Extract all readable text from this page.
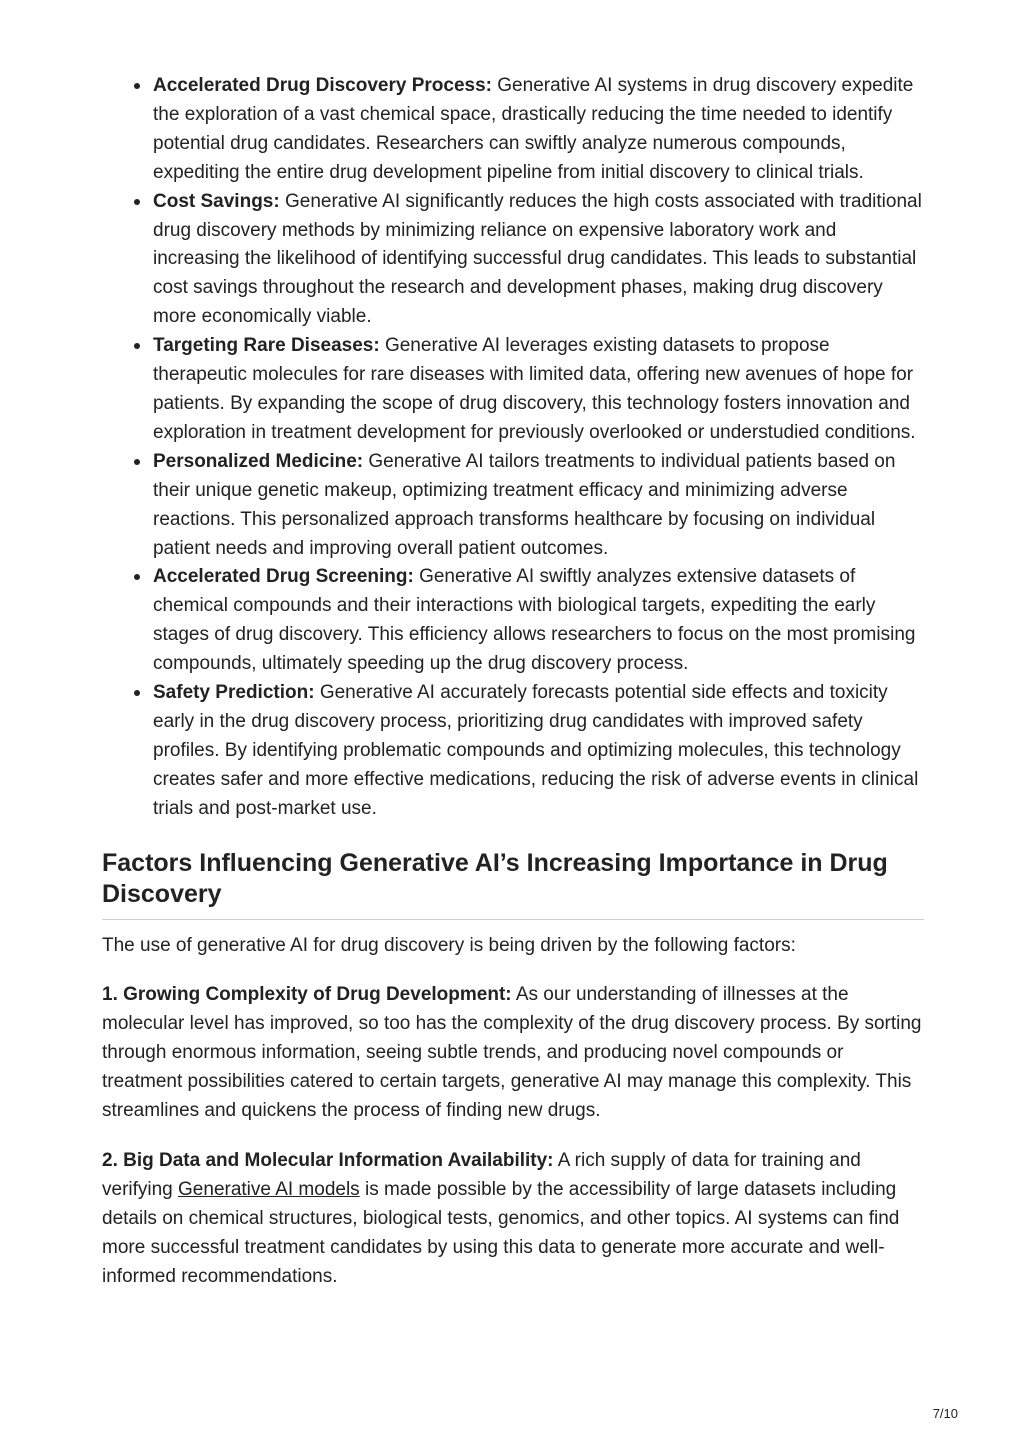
Accelerated Drug Discovery Process: Generative AI systems in drug discovery expedite the exploration of a vast chemical space, drastically reducing the time needed to identify potential drug candidates. Researchers can swiftly analyze numerous compounds, expediting the entire drug development pipeline from initial discovery to clinical trials.
Cost Savings: Generative AI significantly reduces the high costs associated with traditional drug discovery methods by minimizing reliance on expensive laboratory work and increasing the likelihood of identifying successful drug candidates. This leads to substantial cost savings throughout the research and development phases, making drug discovery more economically viable.
Targeting Rare Diseases: Generative AI leverages existing datasets to propose therapeutic molecules for rare diseases with limited data, offering new avenues of hope for patients. By expanding the scope of drug discovery, this technology fosters innovation and exploration in treatment development for previously overlooked or understudied conditions.
Personalized Medicine: Generative AI tailors treatments to individual patients based on their unique genetic makeup, optimizing treatment efficacy and minimizing adverse reactions. This personalized approach transforms healthcare by focusing on individual patient needs and improving overall patient outcomes.
Accelerated Drug Screening: Generative AI swiftly analyzes extensive datasets of chemical compounds and their interactions with biological targets, expediting the early stages of drug discovery. This efficiency allows researchers to focus on the most promising compounds, ultimately speeding up the drug discovery process.
Safety Prediction: Generative AI accurately forecasts potential side effects and toxicity early in the drug discovery process, prioritizing drug candidates with improved safety profiles. By identifying problematic compounds and optimizing molecules, this technology creates safer and more effective medications, reducing the risk of adverse events in clinical trials and post-market use.
Factors Influencing Generative AI’s Increasing Importance in Drug Discovery

The use of generative AI for drug discovery is being driven by the following factors:

1. Growing Complexity of Drug Development: As our understanding of illnesses at the molecular level has improved, so too has the complexity of the drug discovery process. By sorting through enormous information, seeing subtle trends, and producing novel compounds or treatment possibilities catered to certain targets, generative AI may manage this complexity. This streamlines and quickens the process of finding new drugs.

2. Big Data and Molecular Information Availability: A rich supply of data for training and verifying Generative AI models is made possible by the accessibility of large datasets including details on chemical structures, biological tests, genomics, and other topics. AI systems can find more successful treatment candidates by using this data to generate more accurate and well-informed recommendations.

7/10
